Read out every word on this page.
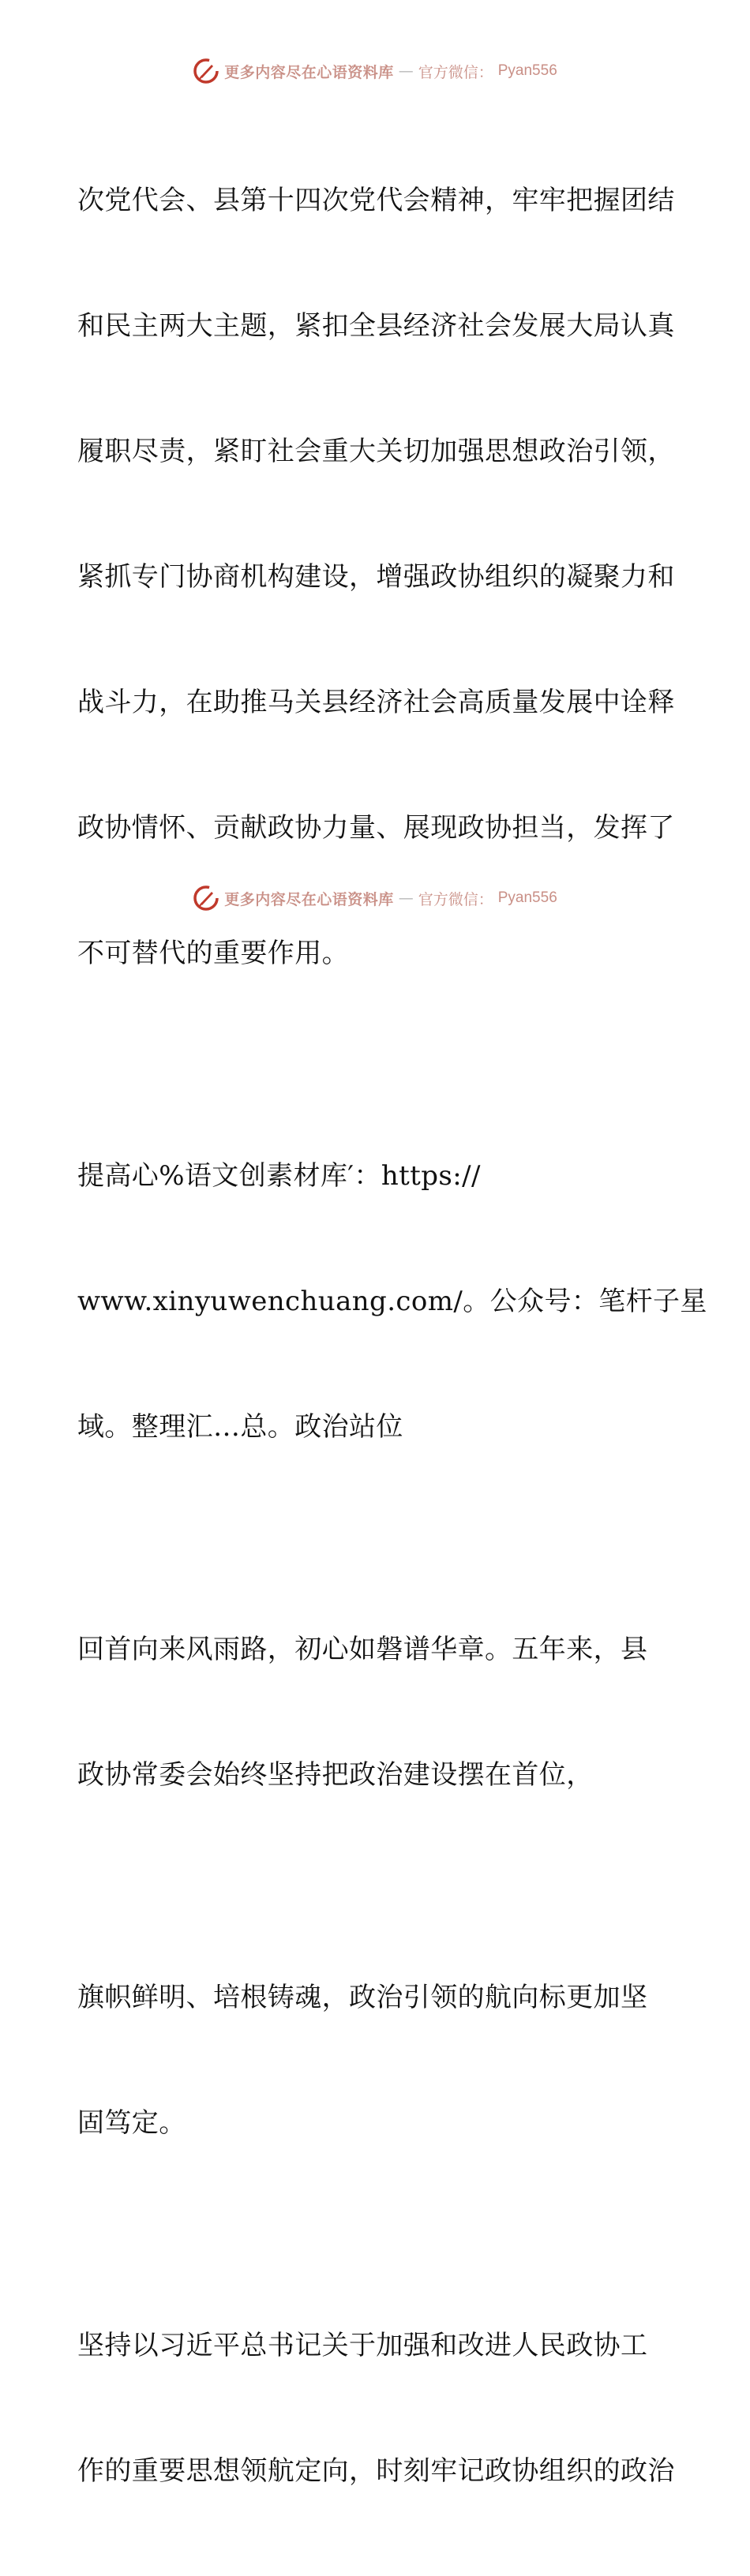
更多内容尽在心语资料库 — 官方微信： Pyan556

次党代会、县第十四次党代会精神，牢牢把握团结

和民主两大主题，紧扣全县经济社会发展大局认真

履职尽责，紧盯社会重大关切加强思想政治引领，

紧抓专门协商机构建设，增强政协组织的凝聚力和

战斗力，在助推马关县经济社会高质量发展中诠释

政协情怀、贡献政协力量、展现政协担当，发挥了

不可替代的重要作用。

提高心%语文创素材库′：https://

www.xinyuwenchuang.com/。公众号：笔杆子星

域。整理汇…总。政治站位

回首向来风雨路，初心如磐谱华章。五年来，县

政协常委会始终坚持把政治建设摆在首位，

旗帜鲜明、培根铸魂，政治引领的航向标更加坚

固笃定。

坚持以习近平总书记关于加强和改进人民政协工

作的重要思想领航定向，时刻牢记政协组织的政治

更多内容尽在心语资料库 — 官方微信： Pyan556
